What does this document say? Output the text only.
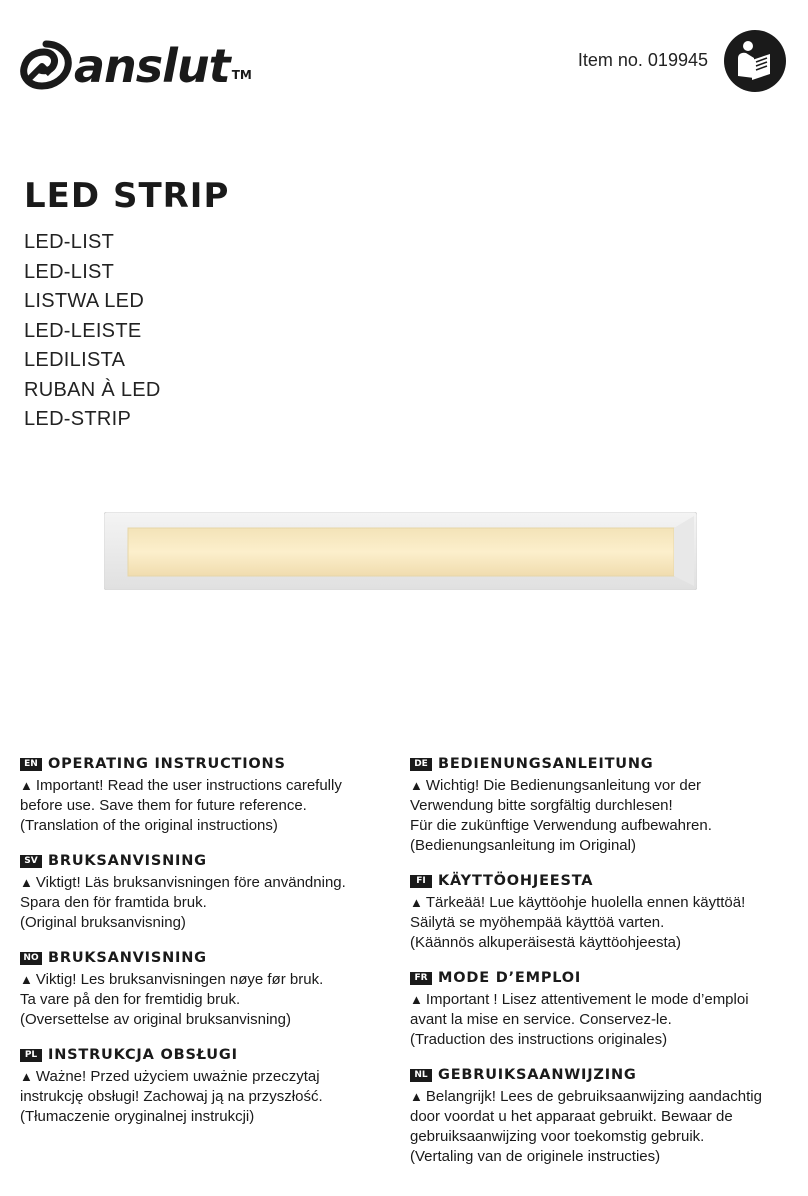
anslut TM
Item no. 019945
LED STRIP
LED-LIST
LED-LIST
LISTWA LED
LED-LEISTE
LEDILISTA
RUBAN À LED
LED-STRIP
EN OPERATING INSTRUCTIONS
▲ Important! Read the user instructions carefully
before use. Save them for future reference.
(Translation of the original instructions)
SV BRUKSANVISNING
▲ Viktigt! Läs bruksanvisningen före användning.
Spara den för framtida bruk.
(Original bruksanvisning)
NO BRUKSANVISNING
▲ Viktig! Les bruksanvisningen nøye før bruk.
Ta vare på den for fremtidig bruk.
(Oversettelse av original bruksanvisning)
PL INSTRUKCJA OBSŁUGI
▲ Ważne! Przed użyciem uważnie przeczytaj
instrukcję obsługi! Zachowaj ją na przyszłość.
(Tłumaczenie oryginalnej instrukcji)
DE BEDIENUNGSANLEITUNG
▲ Wichtig! Die Bedienungsanleitung vor der
Verwendung bitte sorgfältig durchlesen!
Für die zukünftige Verwendung aufbewahren.
(Bedienungsanleitung im Original)
FI KÄYTTÖOHJEESTA
▲ Tärkeää! Lue käyttöohje huolella ennen käyttöä!
Säilytä se myöhempää käyttöä varten.
(Käännös alkuperäisestä käyttöohjeesta)
FR MODE D’EMPLOI
▲ Important ! Lisez attentivement le mode d’emploi
avant la mise en service. Conservez-le.
(Traduction des instructions originales)
NL GEBRUIKSAANWIJZING
▲ Belangrijk! Lees de gebruiksaanwijzing aandachtig
door voordat u het apparaat gebruikt. Bewaar de
gebruiksaanwijzing voor toekomstig gebruik.
(Vertaling van de originele instructies)
